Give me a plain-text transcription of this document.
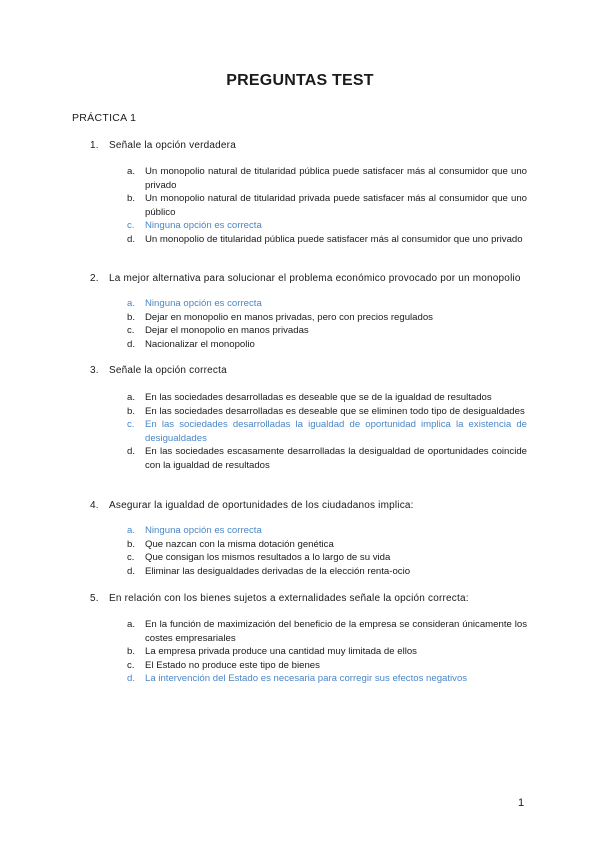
PREGUNTAS TEST
PRÁCTICA 1
1. Señale la opción verdadera
a. Un monopolio natural de titularidad pública puede satisfacer más al consumidor que uno privado
b. Un monopolio natural de titularidad privada puede satisfacer más al consumidor que uno público
c. Ninguna opción es correcta
d. Un monopolio de titularidad pública puede satisfacer más al consumidor que uno privado
2. La mejor alternativa para solucionar el problema económico provocado por un monopolio
a. Ninguna opción es correcta
b. Dejar en monopolio en manos privadas, pero con precios regulados
c. Dejar el monopolio en manos privadas
d. Nacionalizar el monopolio
3. Señale la opción correcta
a. En las sociedades desarrolladas es deseable que se de la igualdad de resultados
b. En las sociedades desarrolladas es deseable que se eliminen todo tipo de desigualdades
c. En las sociedades desarrolladas la igualdad de oportunidad implica la existencia de desigualdades
d. En las sociedades escasamente desarrolladas la desigualdad de oportunidades coincide con la igualdad de resultados
4. Asegurar la igualdad de oportunidades de los ciudadanos implica:
a. Ninguna opción es correcta
b. Que nazcan con la misma dotación genética
c. Que consigan los mismos resultados a lo largo de su vida
d. Eliminar las desigualdades derivadas de la elección renta-ocio
5. En relación con los bienes sujetos a externalidades señale la opción correcta:
a. En la función de maximización del beneficio de la empresa se consideran únicamente los costes empresariales
b. La empresa privada produce una cantidad muy limitada de ellos
c. El Estado no produce este tipo de bienes
d. La intervención del Estado es necesaria para corregir sus efectos negativos
1
